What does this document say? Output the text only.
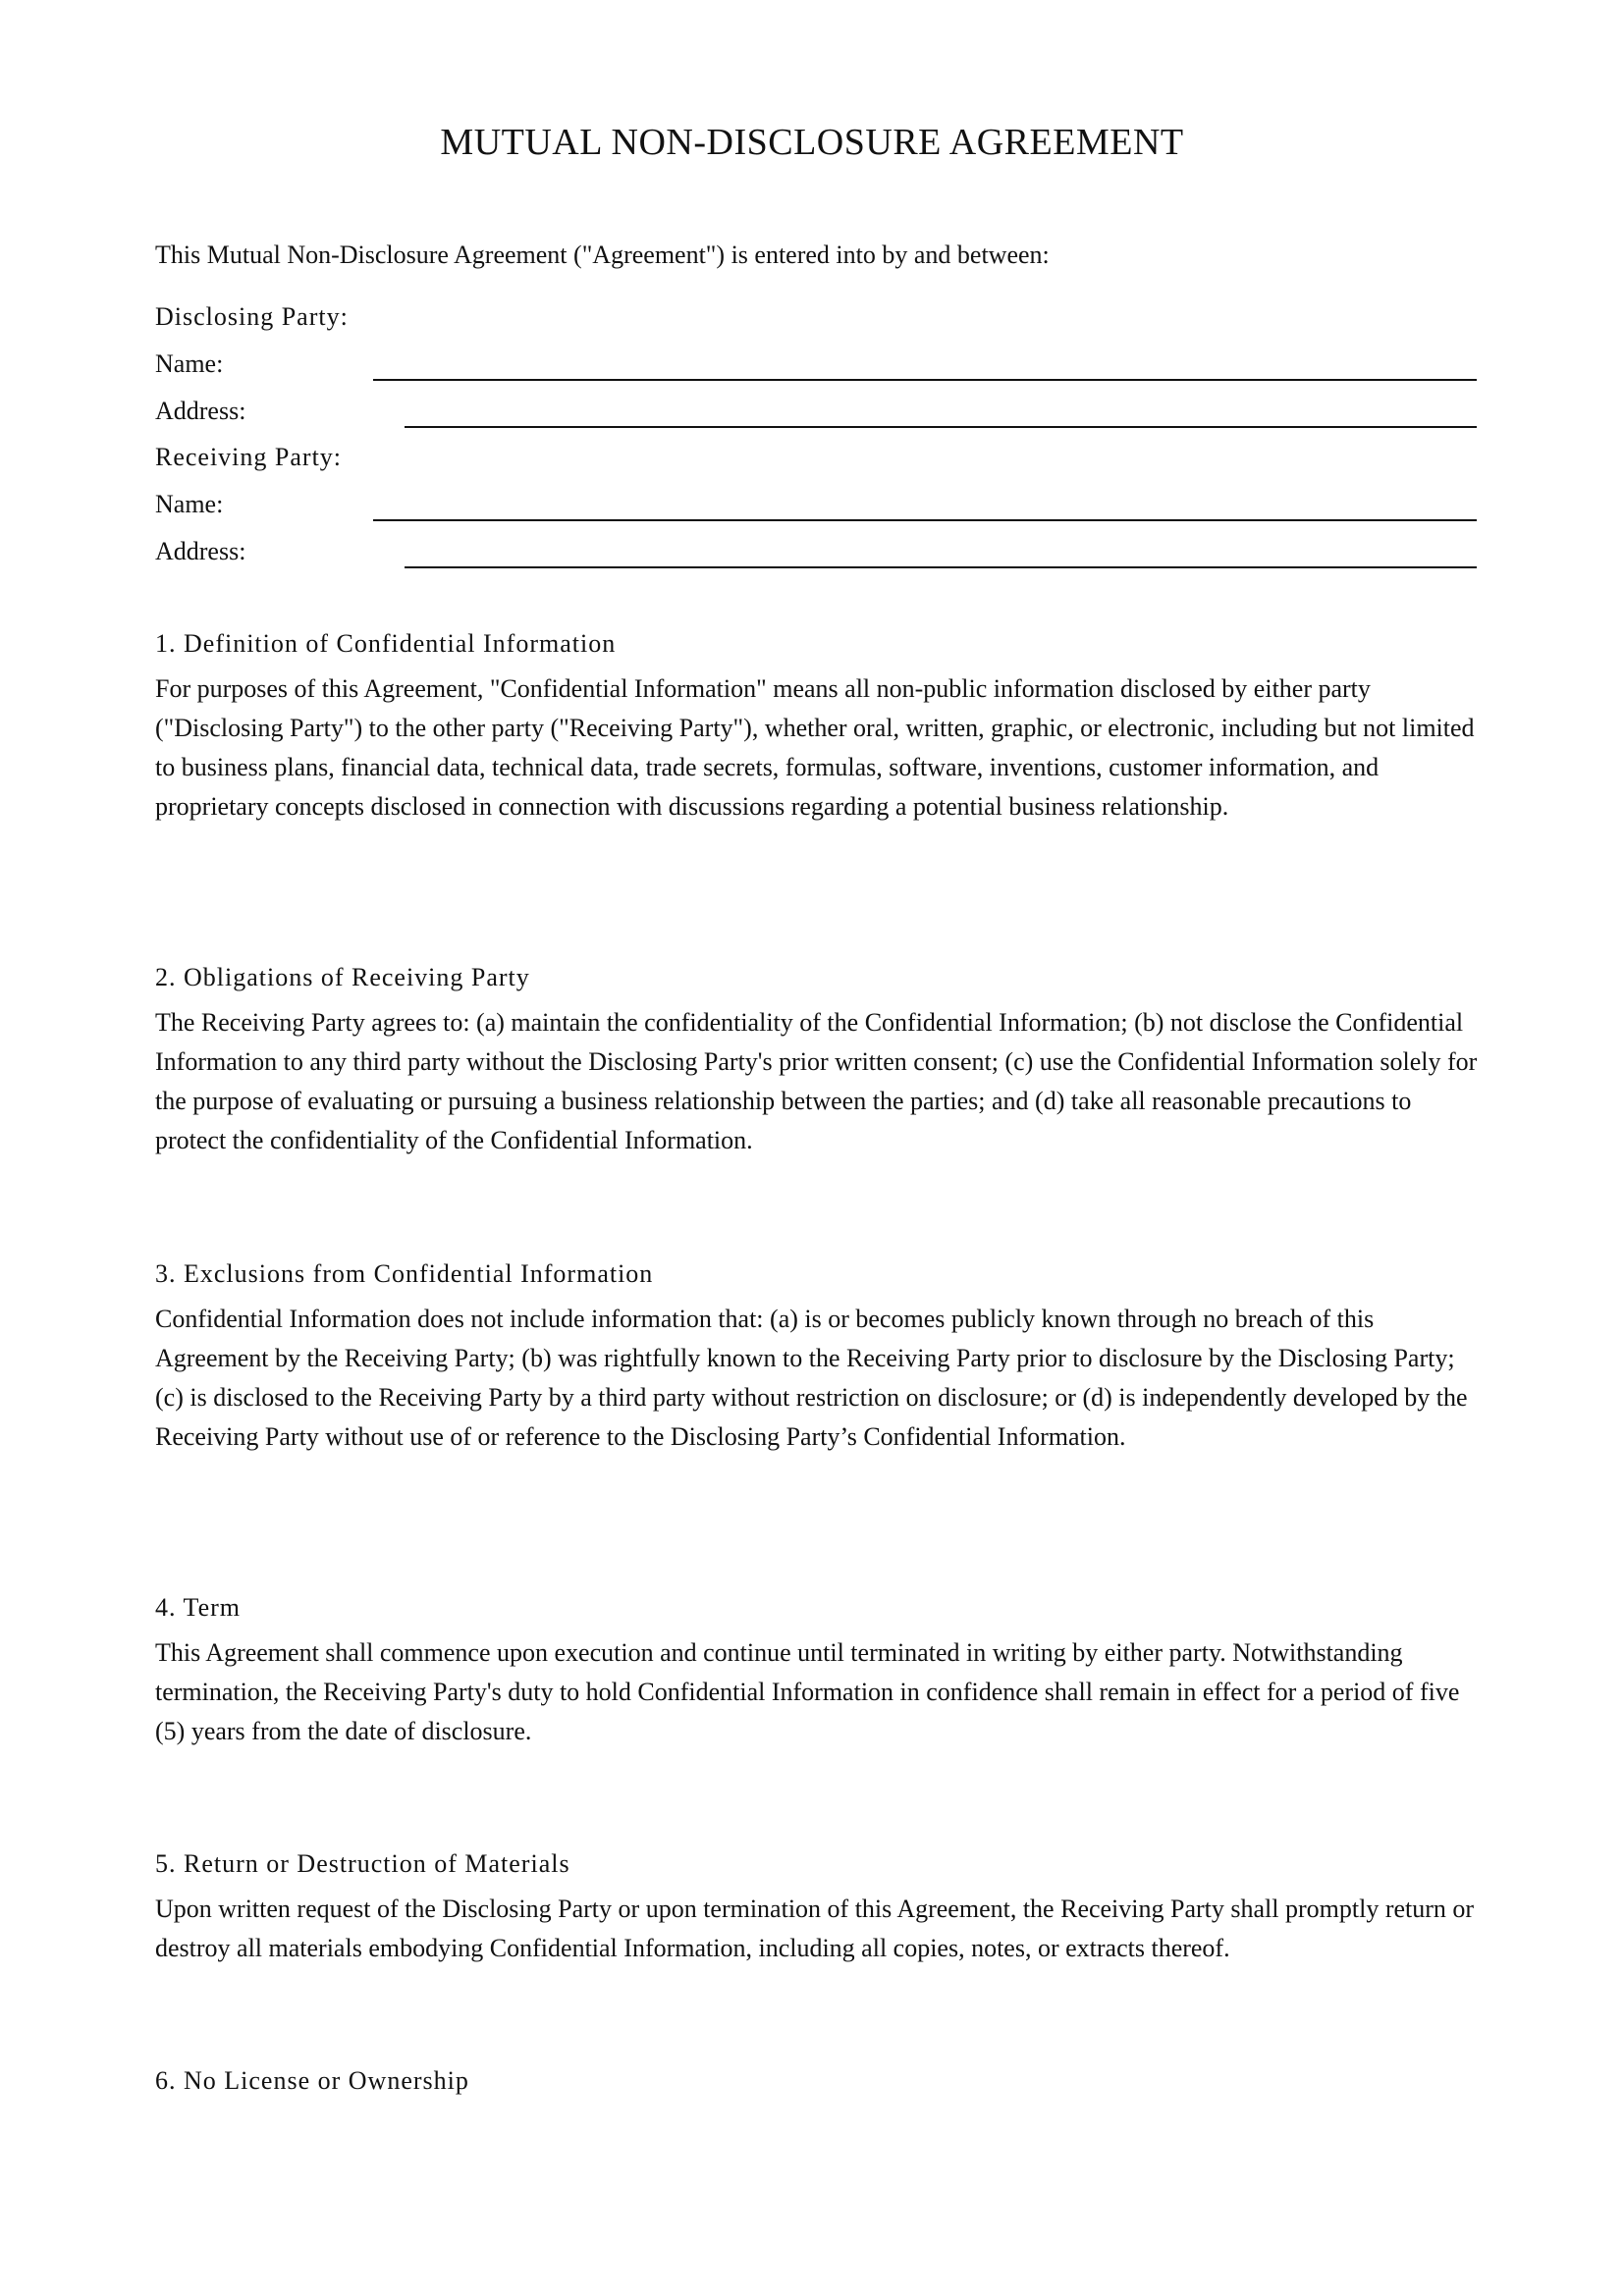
MUTUAL NON-DISCLOSURE AGREEMENT
This Mutual Non-Disclosure Agreement ("Agreement") is entered into by and between:
Disclosing Party:
Name:
Address:
Receiving Party:
Name:
Address:
1. Definition of Confidential Information

For purposes of this Agreement, "Confidential Information" means all non-public information disclosed by either party ("Disclosing Party") to the other party ("Receiving Party"), whether oral, written, graphic, or electronic, including but not limited to business plans, financial data, technical data, trade secrets, formulas, software, inventions, customer information, and proprietary concepts disclosed in connection with discussions regarding a potential business relationship.

2. Obligations of Receiving Party

The Receiving Party agrees to: (a) maintain the confidentiality of the Confidential Information; (b) not disclose the Confidential Information to any third party without the Disclosing Party's prior written consent; (c) use the Confidential Information solely for the purpose of evaluating or pursuing a business relationship between the parties; and (d) take all reasonable precautions to protect the confidentiality of the Confidential Information.

3. Exclusions from Confidential Information

Confidential Information does not include information that: (a) is or becomes publicly known through no breach of this Agreement by the Receiving Party; (b) was rightfully known to the Receiving Party prior to disclosure by the Disclosing Party; (c) is disclosed to the Receiving Party by a third party without restriction on disclosure; or (d) is independently developed by the Receiving Party without use of or reference to the Disclosing Party’s Confidential Information.

4. Term

This Agreement shall commence upon execution and continue until terminated in writing by either party. Notwithstanding termination, the Receiving Party's duty to hold Confidential Information in confidence shall remain in effect for a period of five (5) years from the date of disclosure.

5. Return or Destruction of Materials

Upon written request of the Disclosing Party or upon termination of this Agreement, the Receiving Party shall promptly return or destroy all materials embodying Confidential Information, including all copies, notes, or extracts thereof.

6. No License or Ownership
